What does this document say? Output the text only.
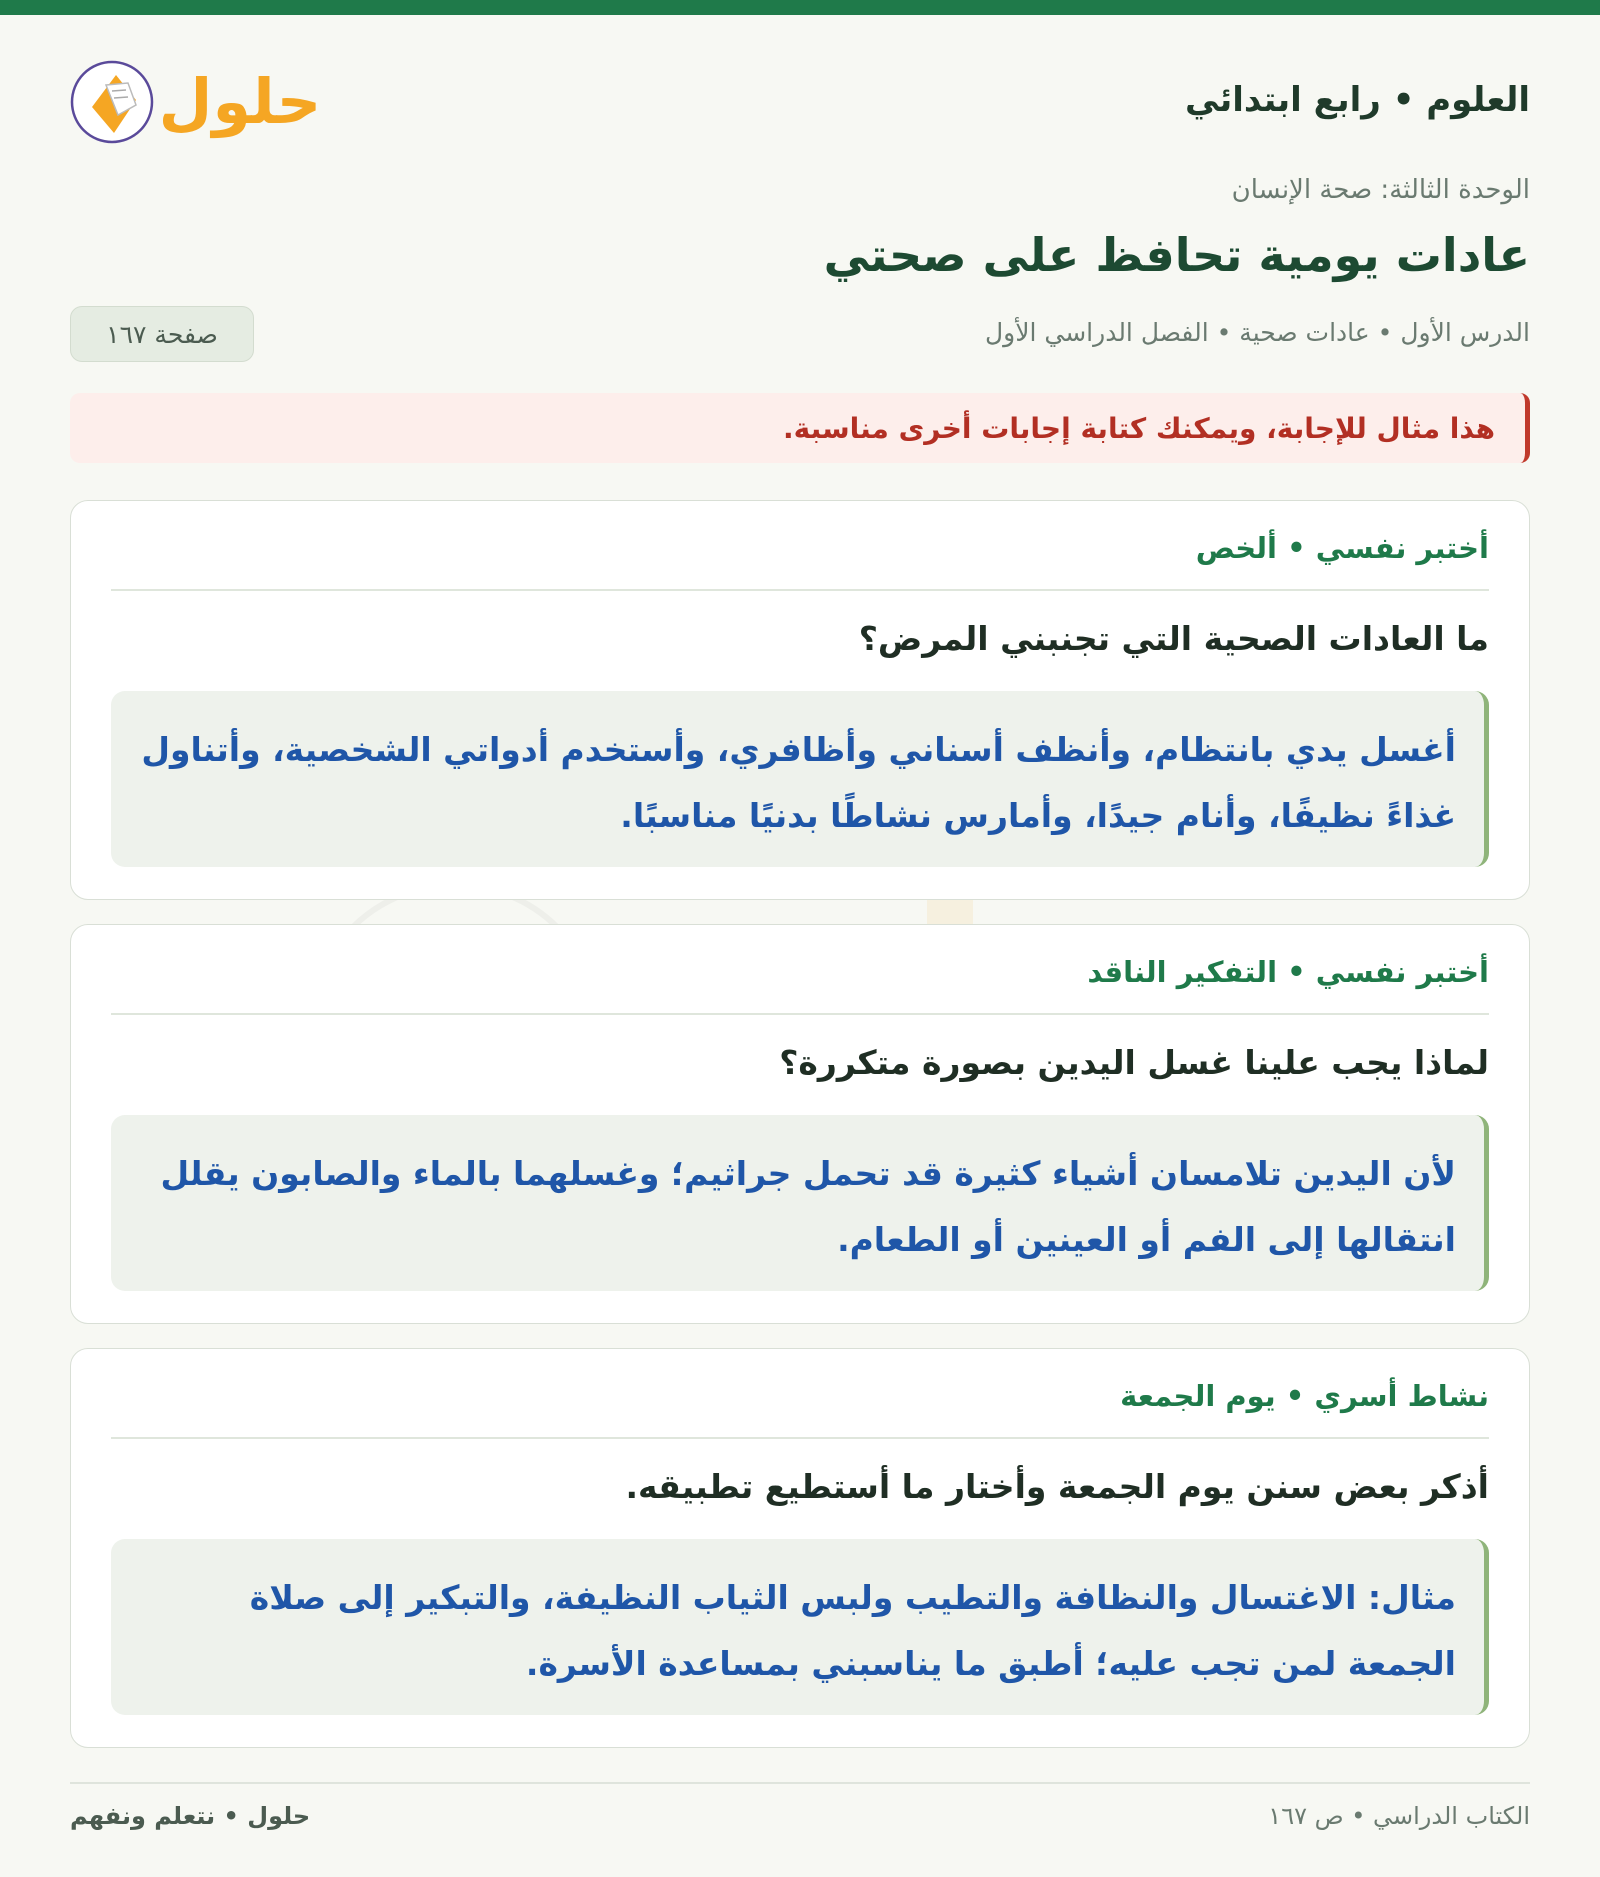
العلوم • رابع ابتدائي
حلول
الوحدة الثالثة: صحة الإنسان
عادات يومية تحافظ على صحتي
الدرس الأول • عادات صحية • الفصل الدراسي الأول
صفحة ١٦٧
هذا مثال للإجابة، ويمكنك كتابة إجابات أخرى مناسبة.
أختبر نفسي • ألخص
ما العادات الصحية التي تجنبني المرض؟
أغسل يدي بانتظام، وأنظف أسناني وأظافري، وأستخدم أدواتي الشخصية، وأتناول غذاءً نظيفًا، وأنام جيدًا، وأمارس نشاطًا بدنيًا مناسبًا.
أختبر نفسي • التفكير الناقد
لماذا يجب علينا غسل اليدين بصورة متكررة؟
لأن اليدين تلامسان أشياء كثيرة قد تحمل جراثيم؛ وغسلهما بالماء والصابون يقلل انتقالها إلى الفم أو العينين أو الطعام.
نشاط أسري • يوم الجمعة
أذكر بعض سنن يوم الجمعة وأختار ما أستطيع تطبيقه.
مثال: الاغتسال والنظافة والتطيب ولبس الثياب النظيفة، والتبكير إلى صلاة الجمعة لمن تجب عليه؛ أطبق ما يناسبني بمساعدة الأسرة.
الكتاب الدراسي • ص ١٦٧
حلول • نتعلم ونفهم
